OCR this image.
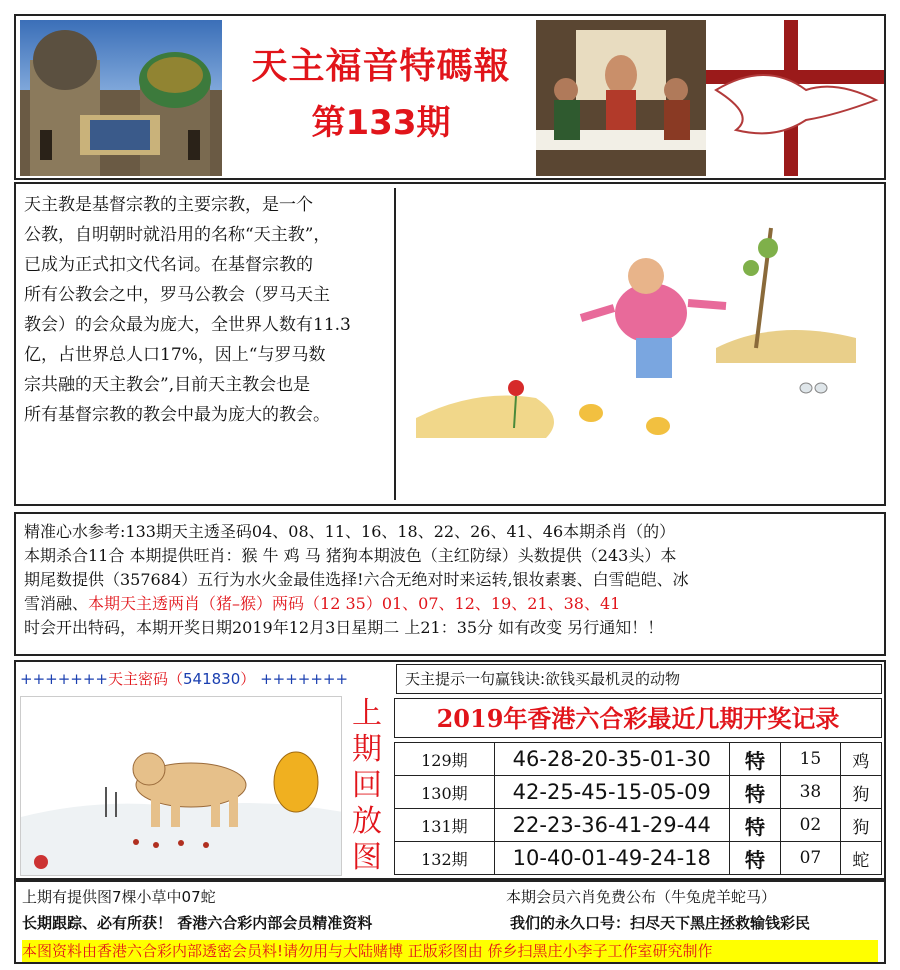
天主福音特碼報
第133期
天主教是基督宗教的主要宗教，是一个
公教，自明朝时就沿用的名称“天主教”，
已成为正式扣文代名词。在基督宗教的
所有公教会之中，罗马公教会（罗马天主
教会）的会众最为庞大，全世界人数有11.3
亿，占世界总人口17%，因上“与罗马数
宗共融的天主教会”,目前天主教会也是
所有基督宗教的教会中最为庞大的教会。

精准心水参考:133期天主透圣码04、08、11、16、18、22、26、41、46本期杀肖（的）

本期杀合11合 本期提供旺肖：猴 牛 鸡 马 猪狗本期波色（主红防绿）头数提供（243头）本

期尾数提供（357684）五行为水火金最佳选择!六合无绝对时来运转,银妆素裹、白雪皑皑、冰

雪消融、本期天主透两肖（猪–猴）两码（12 35）01、07、12、19、21、38、41

时会开出特码，本期开奖日期2019年12月3日星期二 上21：35分 如有改变 另行通知！！

+++++++天主密码（541830） +++++++	天主提示一句赢钱诀:欲钱买最机灵的动物
上
期
回
放
图
2019年香港六合彩最近几期开奖记录
129期	46-28-20-35-01-30	特	15	鸡
130期	42-25-45-15-05-09	特	38	狗
131期	22-23-36-41-29-44	特	02	狗
132期	10-40-01-49-24-18	特	07	蛇
上期有提供图7棵小草中07蛇	本期会员六肖免费公布（牛兔虎羊蛇马）
长期跟踪、必有所获！ 香港六合彩内部会员精准资料	我们的永久口号：扫尽天下黑庄拯救输钱彩民
本图资料由香港六合彩内部透密会员料!请勿用与大陆赌博 正版彩图由 侨乡扫黑庄小李子工作室研究制作
